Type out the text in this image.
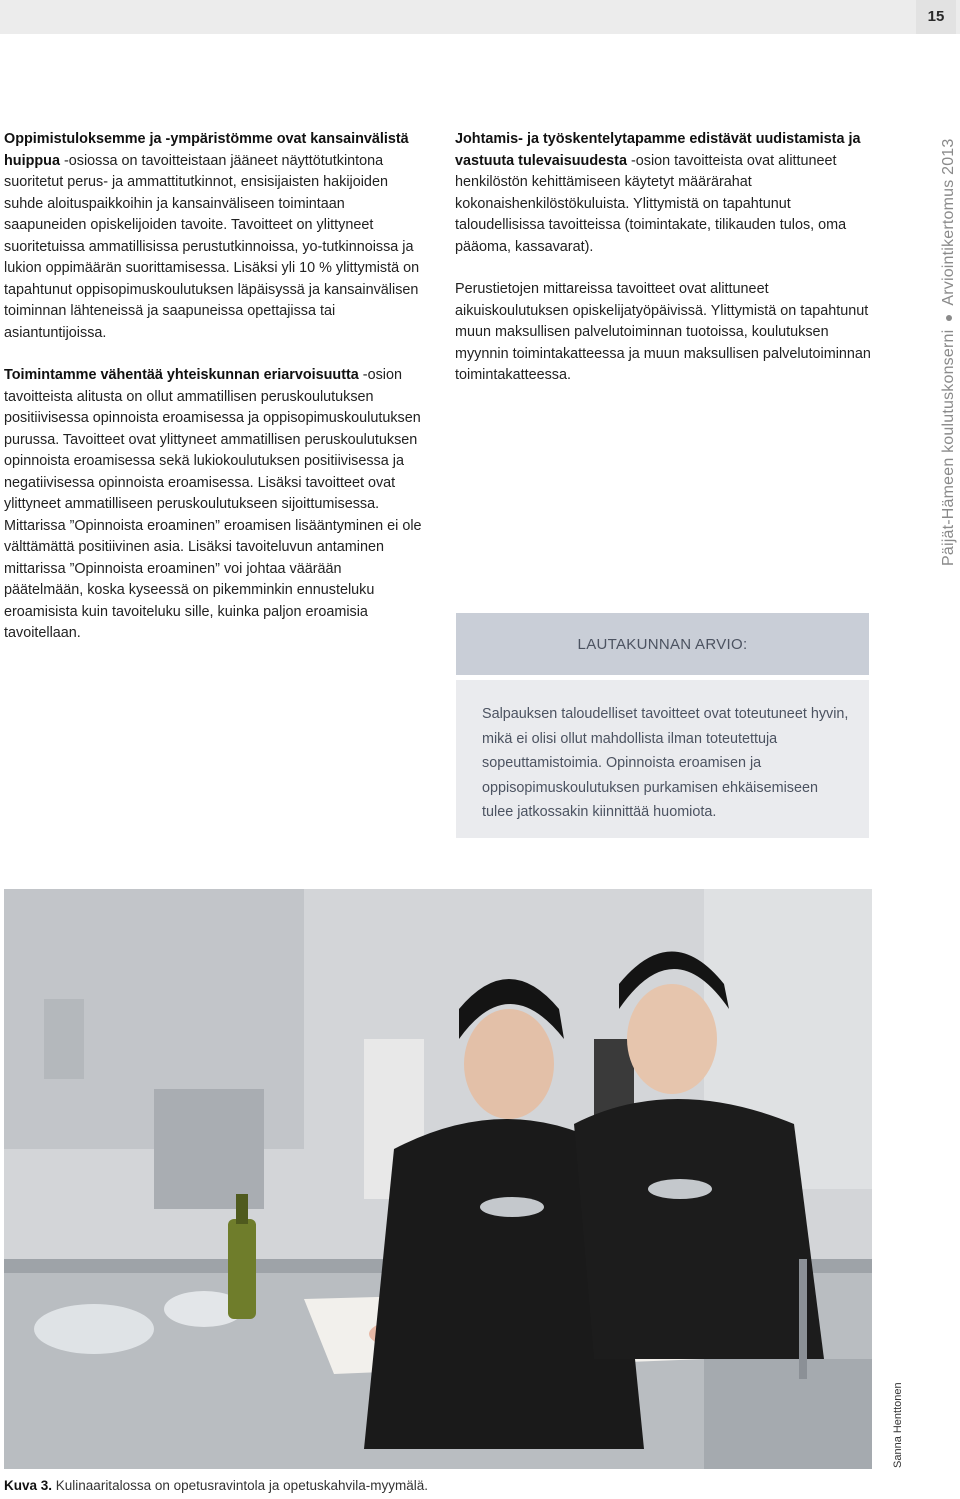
15

Oppimistuloksemme ja -ympäristömme ovat kansainvälistä huippua -osiossa on tavoitteistaan jääneet näyttötutkintona suoritetut perus- ja ammattitutkinnot, ensisijaisten hakijoiden suhde aloituspaikkoihin ja kansainväliseen toimintaan saapuneiden opiskelijoiden tavoite. Tavoitteet on ylittyneet suoritetuissa ammatillisissa perustutkinnoissa, yo-tutkinnoissa ja lukion oppimäärän suorittamisessa. Lisäksi yli 10 % ylittymistä on tapahtunut oppisopimuskoulutuksen läpäisyssä ja kansainvälisen toiminnan lähteneissä ja saapuneissa opettajissa tai asiantuntijoissa.

Toimintamme vähentää yhteiskunnan eriarvoisuutta -osion tavoitteista alitusta on ollut ammatillisen peruskoulutuksen positiivisessa opinnoista eroamisessa ja oppisopimuskoulutuksen purussa. Tavoitteet ovat ylittyneet ammatillisen peruskoulutuksen opinnoista eroamisessa sekä lukiokoulutuksen positiivisessa ja negatiivisessa opinnoista eroamisessa. Lisäksi tavoitteet ovat ylittyneet ammatilliseen peruskoulutukseen sijoittumisessa. Mittarissa ”Opinnoista eroaminen” eroamisen lisääntyminen ei ole välttämättä positiivinen asia. Lisäksi tavoiteluvun antaminen mittarissa ”Opinnoista eroaminen” voi johtaa väärään päätelmään, koska kyseessä on pikemminkin ennusteluku eroamisista kuin tavoiteluku sille, kuinka paljon eroamisia tavoitellaan.

Johtamis- ja työskentelytapamme edistävät uudistamista ja vastuuta tulevaisuudesta -osion tavoitteista ovat alittuneet henkilöstön kehittämiseen käytetyt määrärahat kokonaishenkilöstökuluista. Ylittymistä on tapahtunut taloudellisissa tavoitteissa (toimintakate, tilikauden tulos, oma pääoma, kassavarat).

Perustietojen mittareissa tavoitteet ovat alittuneet aikuiskoulutuksen opiskelijatyöpäivissä. Ylittymistä on tapahtunut muun maksullisen palvelutoiminnan tuotoissa, koulutuksen myynnin toimintakatteessa ja muun maksullisen palvelutoiminnan toimintakatteessa.	Päijät-Hämeen koulutuskonserniArviointikertomus 2013
LAUTAKUNNAN ARVIO:
Salpauksen taloudelliset tavoitteet ovat toteutuneet hyvin, mikä ei olisi ollut mahdollista ilman toteutettuja sopeuttamistoimia. Opinnoista eroamisen ja oppisopimuskoulutuksen purkamisen ehkäisemiseen tulee jatkossakin kiinnittää huomiota.
Sanna Henttonen
Kuva 3. Kulinaaritalossa on opetusravintola ja opetuskahvila-myymälä.
